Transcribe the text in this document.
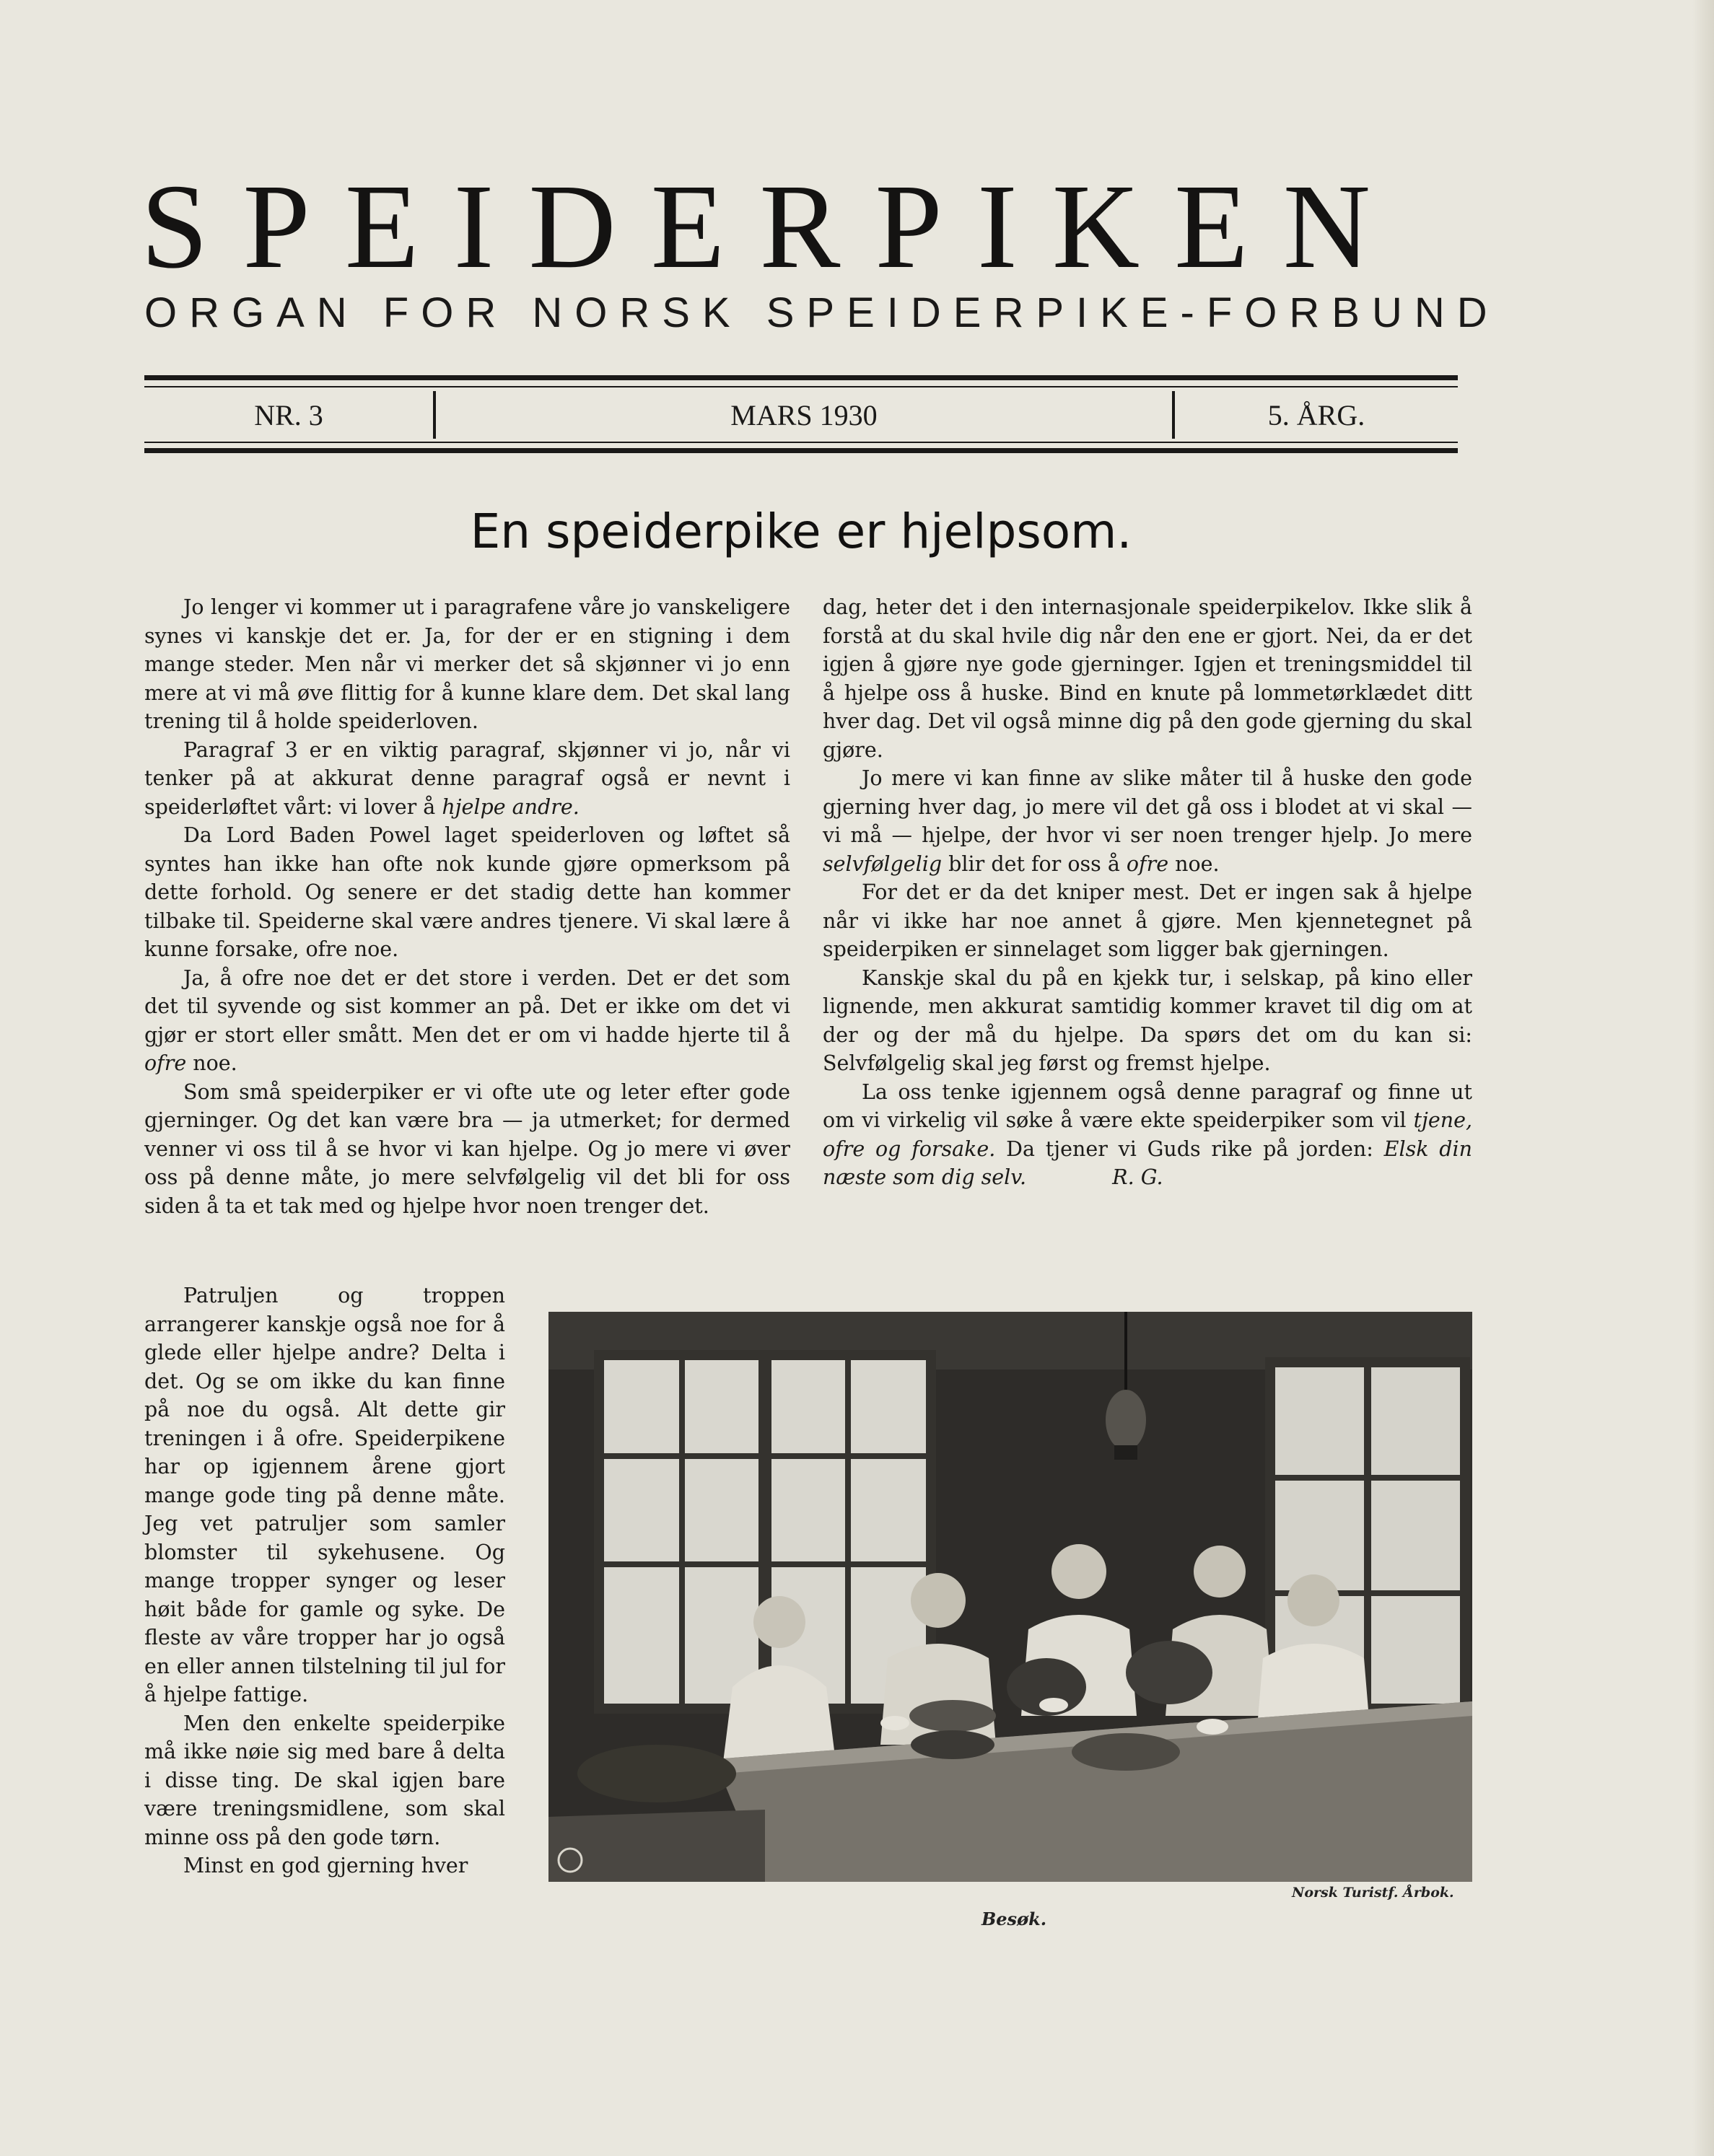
SPEIDERPIKEN
ORGAN FOR NORSK SPEIDERPIKE-FORBUND
NR. 3	MARS 1930	5. ÅRG.
En speiderpike er hjelpsom.

Jo lenger vi kommer ut i paragrafene våre jo vanskeligere synes vi kanskje det er. Ja, for der er en stigning i dem mange steder. Men når vi merker det så skjønner vi jo enn mere at vi må øve flittig for å kunne klare dem. Det skal lang trening til å holde speiderloven.

Paragraf 3 er en viktig paragraf, skjønner vi jo, når vi tenker på at akkurat denne paragraf også er nevnt i speiderløftet vårt: vi lover å hjelpe andre.

Da Lord Baden Powel laget speiderloven og løftet så syntes han ikke han ofte nok kunde gjøre opmerksom på dette forhold. Og senere er det stadig dette han kommer tilbake til. Speiderne skal være andres tjenere. Vi skal lære å kunne forsake, ofre noe.

Ja, å ofre noe det er det store i verden. Det er det som det til syvende og sist kommer an på. Det er ikke om det vi gjør er stort eller smått. Men det er om vi hadde hjerte til å ofre noe.

Som små speiderpiker er vi ofte ute og leter efter gode gjerninger. Og det kan være bra — ja utmerket; for dermed venner vi oss til å se hvor vi kan hjelpe. Og jo mere vi øver oss på denne måte, jo mere selvfølgelig vil det bli for oss siden å ta et tak med og hjelpe hvor noen trenger det.

Patruljen og troppen arrangerer kanskje også noe for å glede eller hjelpe andre? Delta i det. Og se om ikke du kan finne på noe du også. Alt dette gir treningen i å ofre. Speiderpikene har op igjennem årene gjort mange gode ting på denne måte. Jeg vet patruljer som samler blomster til sykehusene. Og mange tropper synger og leser høit både for gamle og syke. De fleste av våre tropper har jo også en eller annen tilstelning til jul for å hjelpe fattige.

Men den enkelte speiderpike må ikke nøie sig med bare å delta i disse ting. De skal igjen bare være treningsmidlene, som skal minne oss på den gode tørn.

Minst en god gjerning hver

dag, heter det i den internasjonale speiderpikelov. Ikke slik å forstå at du skal hvile dig når den ene er gjort. Nei, da er det igjen å gjøre nye gode gjerninger. Igjen et treningsmiddel til å hjelpe oss å huske. Bind en knute på lommetørklædet ditt hver dag. Det vil også minne dig på den gode gjerning du skal gjøre.

Jo mere vi kan finne av slike måter til å huske den gode gjerning hver dag, jo mere vil det gå oss i blodet at vi skal — vi må — hjelpe, der hvor vi ser noen trenger hjelp. Jo mere selvfølgelig blir det for oss å ofre noe.

For det er da det kniper mest. Det er ingen sak å hjelpe når vi ikke har noe annet å gjøre. Men kjennetegnet på speiderpiken er sinnelaget som ligger bak gjerningen.

Kanskje skal du på en kjekk tur, i selskap, på kino eller lignende, men akkurat samtidig kommer kravet til dig om at der og der må du hjelpe. Da spørs det om du kan si: Selvfølgelig skal jeg først og fremst hjelpe.

La oss tenke igjennem også denne paragraf og finne ut om vi virkelig vil søke å være ekte speiderpiker som vil tjene, ofre og forsake. Da tjener vi Guds rike på jorden: Elsk din næste som dig selv.	R. G.

Norsk Turistf. Årbok.
Besøk.
